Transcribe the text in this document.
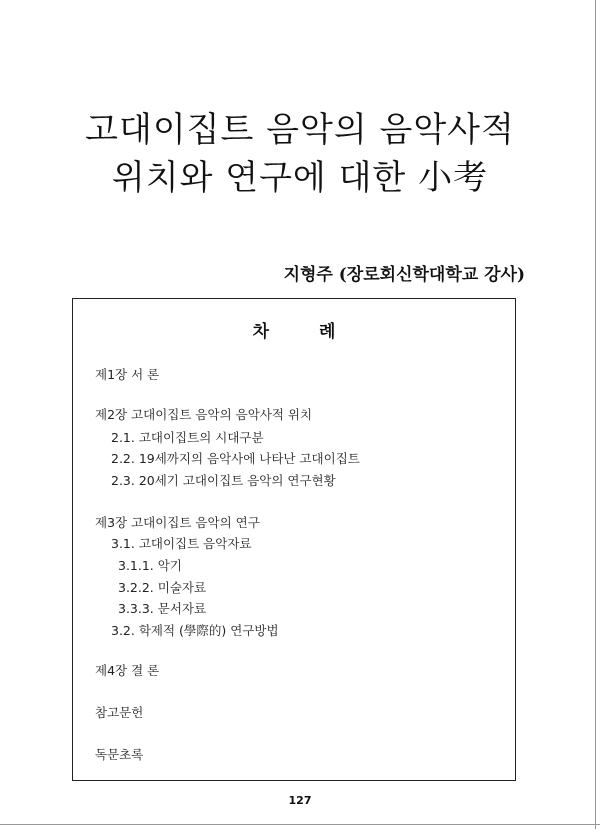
고대이집트 음악의 음악사적
위치와 연구에 대한 小考
지형주 (장로회신학대학교 강사)
차 례
제1장 서 론
제2장 고대이집트 음악의 음악사적 위치
2.1. 고대이집트의 시대구분
2.2. 19세까지의 음악사에 나타난 고대이집트
2.3. 20세기 고대이집트 음악의 연구현황
제3장 고대이집트 음악의 연구
3.1. 고대이집트 음악자료
3.1.1. 악기
3.2.2. 미술자료
3.3.3. 문서자료
3.2. 학제적 (學際的) 연구방법
제4장 결 론
참고문헌
독문초록
127
